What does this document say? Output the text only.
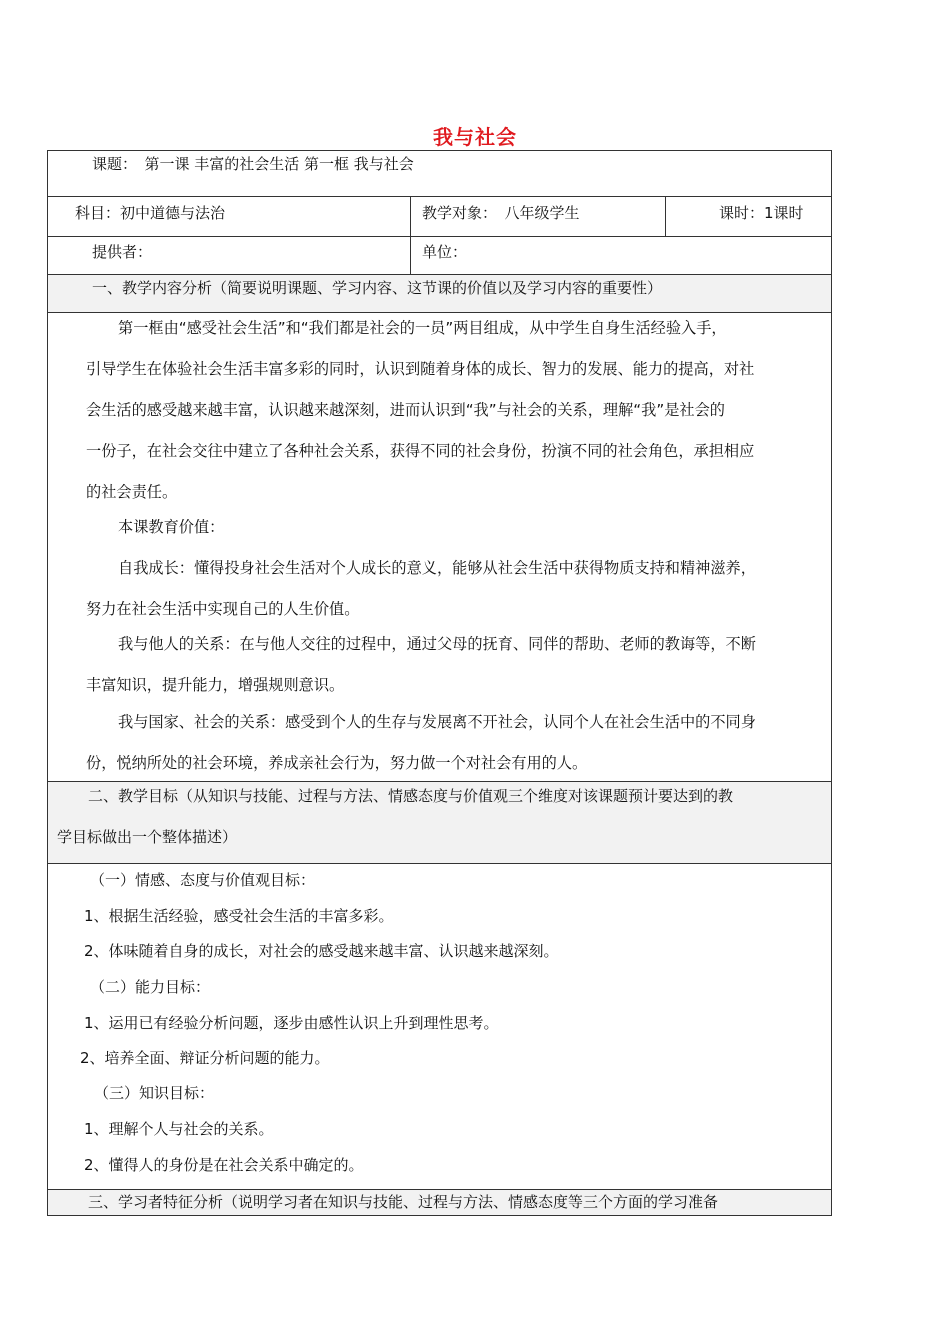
我与社会
课题：　第一课 丰富的社会生活 第一框 我与社会
科目：初中道德与法治	教学对象：　八年级学生	课时：1课时
提供者：	单位：
一、教学内容分析（简要说明课题、学习内容、这节课的价值以及学习内容的重要性）
第一框由“感受社会生活”和“我们都是社会的一员”两目组成，从中学生自身生活经验入手，
引导学生在体验社会生活丰富多彩的同时，认识到随着身体的成长、智力的发展、能力的提高，对社
会生活的感受越来越丰富，认识越来越深刻，进而认识到“我”与社会的关系，理解“我”是社会的
一份子，在社会交往中建立了各种社会关系，获得不同的社会身份，扮演不同的社会角色，承担相应
的社会责任。
本课教育价值：
自我成长：懂得投身社会生活对个人成长的意义，能够从社会生活中获得物质支持和精神滋养，
努力在社会生活中实现自己的人生价值。
我与他人的关系：在与他人交往的过程中，通过父母的抚育、同伴的帮助、老师的教诲等，不断
丰富知识，提升能力，增强规则意识。
我与国家、社会的关系：感受到个人的生存与发展离不开社会，认同个人在社会生活中的不同身
份，悦纳所处的社会环境，养成亲社会行为，努力做一个对社会有用的人。
二、教学目标（从知识与技能、过程与方法、情感态度与价值观三个维度对该课题预计要达到的教
学目标做出一个整体描述）
（一）情感、态度与价值观目标：
1、根据生活经验，感受社会生活的丰富多彩。
2、体味随着自身的成长，对社会的感受越来越丰富、认识越来越深刻。
（二）能力目标：
1、运用已有经验分析问题，逐步由感性认识上升到理性思考。
2、培养全面、辩证分析问题的能力。
（三）知识目标：
1、理解个人与社会的关系。
2、懂得人的身份是在社会关系中确定的。
三、学习者特征分析（说明学习者在知识与技能、过程与方法、情感态度等三个方面的学习准备
